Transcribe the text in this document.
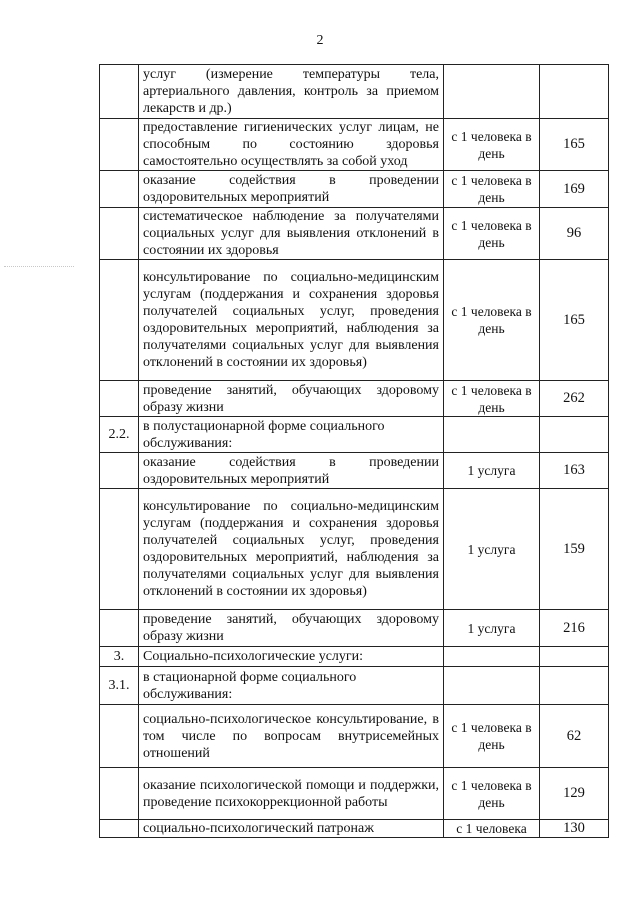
2
	услуг (измерение температуры тела, артериального давления, контроль за приемом лекарств и др.)		
	предоставление гигиенических услуг лицам, не способным по состоянию здоровья самостоятельно осуществлять за собой уход	с 1 человека в день	165
	оказание содействия в проведении оздоровительных мероприятий	с 1 человека в день	169
	систематическое наблюдение за получателями социальных услуг для выявления отклонений в состоянии их здоровья	с 1 человека в день	96
	консультирование по социально-медицинским услугам (поддержания и сохранения здоровья получателей социальных услуг, проведения оздоровительных мероприятий, наблюдения за получателями социальных услуг для выявления отклонений в состоянии их здоровья)	с 1 человека в день	165
	проведение занятий, обучающих здоровому образу жизни	с 1 человека в день	262
2.2.	в полустационарной форме социального обслуживания:		
	оказание содействия в проведении оздоровительных мероприятий	1 услуга	163
	консультирование по социально-медицинским услугам (поддержания и сохранения здоровья получателей социальных услуг, проведения оздоровительных мероприятий, наблюдения за получателями социальных услуг для выявления отклонений в состоянии их здоровья)	1 услуга	159
	проведение занятий, обучающих здоровому образу жизни	1 услуга	216
3.	Социально-психологические услуги:		
3.1.	в стационарной форме социального обслуживания:		
	социально-психологическое консультирование, в том числе по вопросам внутрисемейных отношений	с 1 человека в день	62
	оказание психологической помощи и поддержки, проведение психокоррекционной работы	с 1 человека в день	129
	социально-психологический патронаж	с 1 человека	130
